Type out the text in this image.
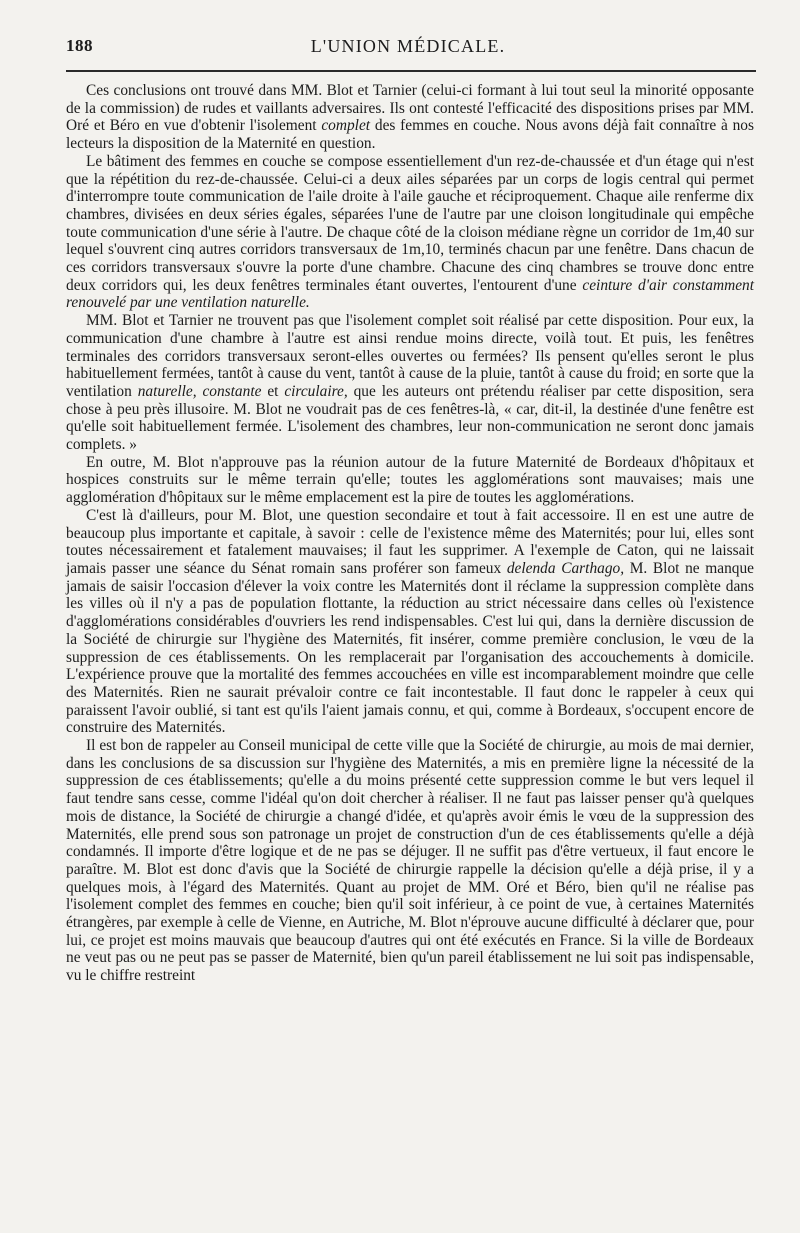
188	L'UNION MÉDICALE.

Ces conclusions ont trouvé dans MM. Blot et Tarnier (celui-ci formant à lui tout seul la minorité opposante de la commission) de rudes et vaillants adversaires. Ils ont contesté l'efficacité des dispositions prises par MM. Oré et Béro en vue d'obtenir l'isolement complet des femmes en couche. Nous avons déjà fait connaître à nos lecteurs la disposition de la Maternité en question.

Le bâtiment des femmes en couche se compose essentiellement d'un rez-de-chaussée et d'un étage qui n'est que la répétition du rez-de-chaussée. Celui-ci a deux ailes séparées par un corps de logis central qui permet d'interrompre toute communication de l'aile droite à l'aile gauche et réciproquement. Chaque aile renferme dix chambres, divisées en deux séries égales, séparées l'une de l'autre par une cloison longitudinale qui empêche toute communication d'une série à l'autre. De chaque côté de la cloison médiane règne un corridor de 1m,40 sur lequel s'ouvrent cinq autres corridors transversaux de 1m,10, terminés chacun par une fenêtre. Dans chacun de ces corridors transversaux s'ouvre la porte d'une chambre. Chacune des cinq chambres se trouve donc entre deux corridors qui, les deux fenêtres terminales étant ouvertes, l'entourent d'une ceinture d'air constamment renouvelé par une ventilation naturelle.

MM. Blot et Tarnier ne trouvent pas que l'isolement complet soit réalisé par cette disposition. Pour eux, la communication d'une chambre à l'autre est ainsi rendue moins directe, voilà tout. Et puis, les fenêtres terminales des corridors transversaux seront-elles ouvertes ou fermées? Ils pensent qu'elles seront le plus habituellement fermées, tantôt à cause du vent, tantôt à cause de la pluie, tantôt à cause du froid; en sorte que la ventilation naturelle, constante et circulaire, que les auteurs ont prétendu réaliser par cette disposition, sera chose à peu près illusoire. M. Blot ne voudrait pas de ces fenêtres-là, « car, dit-il, la destinée d'une fenêtre est qu'elle soit habituellement fermée. L'isolement des chambres, leur non-communication ne seront donc jamais complets. »

En outre, M. Blot n'approuve pas la réunion autour de la future Maternité de Bordeaux d'hôpitaux et hospices construits sur le même terrain qu'elle; toutes les agglomérations sont mauvaises; mais une agglomération d'hôpitaux sur le même emplacement est la pire de toutes les agglomérations.

C'est là d'ailleurs, pour M. Blot, une question secondaire et tout à fait accessoire. Il en est une autre de beaucoup plus importante et capitale, à savoir : celle de l'existence même des Maternités; pour lui, elles sont toutes nécessairement et fatalement mauvaises; il faut les supprimer. A l'exemple de Caton, qui ne laissait jamais passer une séance du Sénat romain sans proférer son fameux delenda Carthago, M. Blot ne manque jamais de saisir l'occasion d'élever la voix contre les Maternités dont il réclame la suppression complète dans les villes où il n'y a pas de population flottante, la réduction au strict nécessaire dans celles où l'existence d'agglomérations considérables d'ouvriers les rend indispensables. C'est lui qui, dans la dernière discussion de la Société de chirurgie sur l'hygiène des Maternités, fit insérer, comme première conclusion, le vœu de la suppression de ces établissements. On les remplacerait par l'organisation des accouchements à domicile. L'expérience prouve que la mortalité des femmes accouchées en ville est incomparablement moindre que celle des Maternités. Rien ne saurait prévaloir contre ce fait incontestable. Il faut donc le rappeler à ceux qui paraissent l'avoir oublié, si tant est qu'ils l'aient jamais connu, et qui, comme à Bordeaux, s'occupent encore de construire des Maternités.

Il est bon de rappeler au Conseil municipal de cette ville que la Société de chirurgie, au mois de mai dernier, dans les conclusions de sa discussion sur l'hygiène des Maternités, a mis en première ligne la nécessité de la suppression de ces établissements; qu'elle a du moins présenté cette suppression comme le but vers lequel il faut tendre sans cesse, comme l'idéal qu'on doit chercher à réaliser. Il ne faut pas laisser penser qu'à quelques mois de distance, la Société de chirurgie a changé d'idée, et qu'après avoir émis le vœu de la suppression des Maternités, elle prend sous son patronage un projet de construction d'un de ces établissements qu'elle a déjà condamnés. Il importe d'être logique et de ne pas se déjuger. Il ne suffit pas d'être vertueux, il faut encore le paraître. M. Blot est donc d'avis que la Société de chirurgie rappelle la décision qu'elle a déjà prise, il y a quelques mois, à l'égard des Maternités. Quant au projet de MM. Oré et Béro, bien qu'il ne réalise pas l'isolement complet des femmes en couche; bien qu'il soit inférieur, à ce point de vue, à certaines Maternités étrangères, par exemple à celle de Vienne, en Autriche, M. Blot n'éprouve aucune difficulté à déclarer que, pour lui, ce projet est moins mauvais que beaucoup d'autres qui ont été exécutés en France. Si la ville de Bordeaux ne veut pas ou ne peut pas se passer de Maternité, bien qu'un pareil établissement ne lui soit pas indispensable, vu le chiffre restreint
